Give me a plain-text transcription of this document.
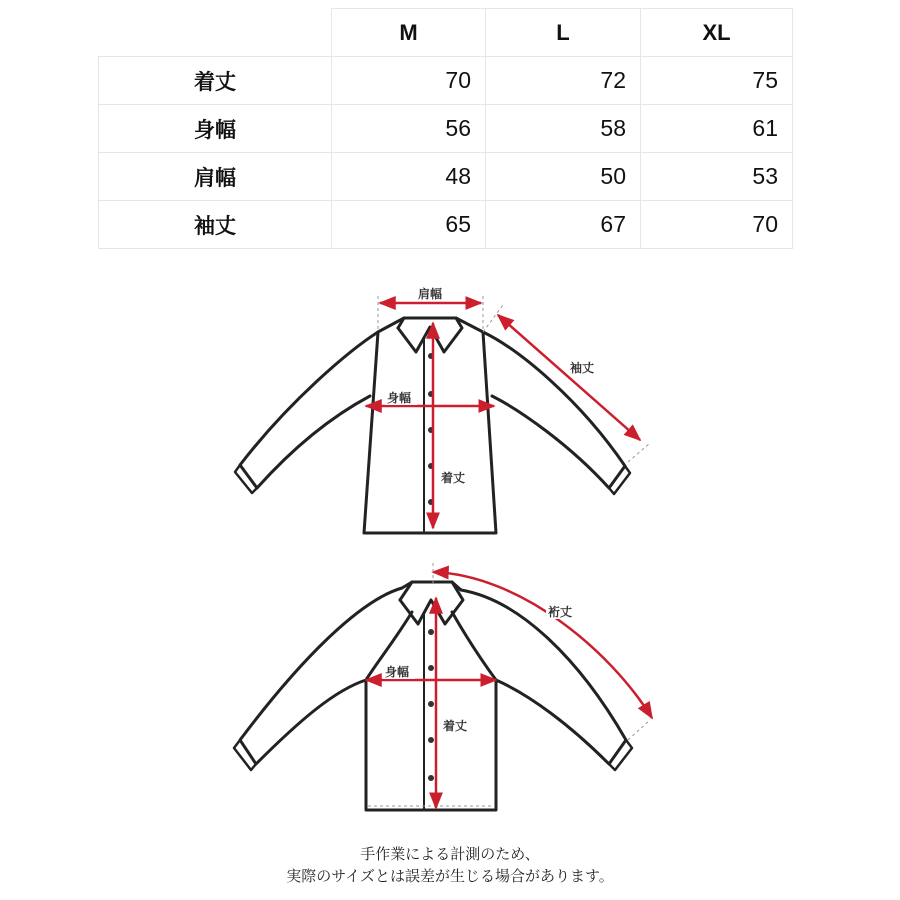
	M	L	XL
着丈	70	72	75
身幅	56	58	61
肩幅	48	50	53
袖丈	65	67	70
肩幅
袖丈
身幅
着丈
裄丈
身幅
着丈
手作業による計測のため、
実際のサイズとは誤差が生じる場合があります。
